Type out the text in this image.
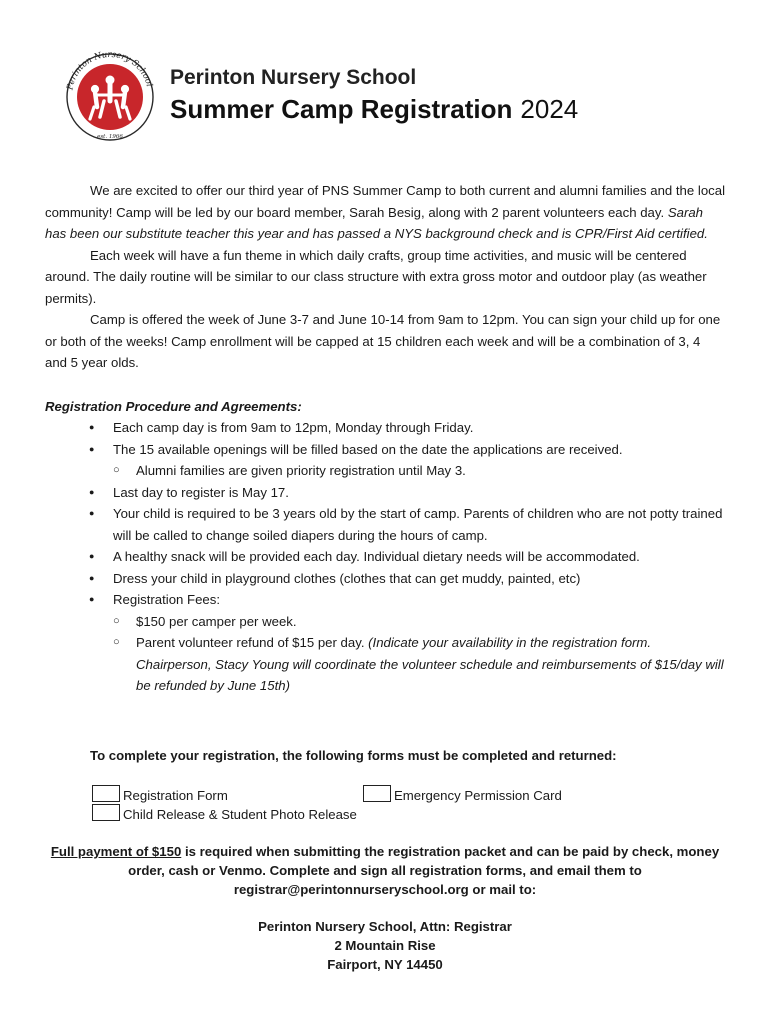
Perinton Nursery School
est. 1966
Perinton Nursery School
Summer Camp Registration 2024

We are excited to offer our third year of PNS Summer Camp to both current and alumni families and the local community! Camp will be led by our board member, Sarah Besig, along with 2 parent volunteers each day. Sarah has been our substitute teacher this year and has passed a NYS background check and is CPR/First Aid certified.

Each week will have a fun theme in which daily crafts, group time activities, and music will be centered around. The daily routine will be similar to our class structure with extra gross motor and outdoor play (as weather permits).

Camp is offered the week of June 3-7 and June 10-14 from 9am to 12pm. You can sign your child up for one or both of the weeks! Camp enrollment will be capped at 15 children each week and will be a combination of 3, 4 and 5 year olds.

Registration Procedure and Agreements:

● Each camp day is from 9am to 12pm, Monday through Friday.
● The 15 available openings will be filled based on the date the applications are received.
○ Alumni families are given priority registration until May 3.
● Last day to register is May 17.
● Your child is required to be 3 years old by the start of camp. Parents of children who are not potty trained will be called to change soiled diapers during the hours of camp.
● A healthy snack will be provided each day. Individual dietary needs will be accommodated.
● Dress your child in playground clothes (clothes that can get muddy, painted, etc)
● Registration Fees:
○ $150 per camper per week.
○ Parent volunteer refund of $15 per day. (Indicate your availability in the registration form. Chairperson, Stacy Young will coordinate the volunteer schedule and reimbursements of $15/day will be refunded by June 15th)
To complete your registration, the following forms must be completed and returned:
Registration Form	Emergency Permission Card
Child Release & Student Photo Release
Full payment of $150 is required when submitting the registration packet and can be paid by check, money order, cash or Venmo. Complete and sign all registration forms, and email them to registrar@perintonnurseryschool.org or mail to:
Perinton Nursery School, Attn: Registrar
2 Mountain Rise
Fairport, NY 14450
